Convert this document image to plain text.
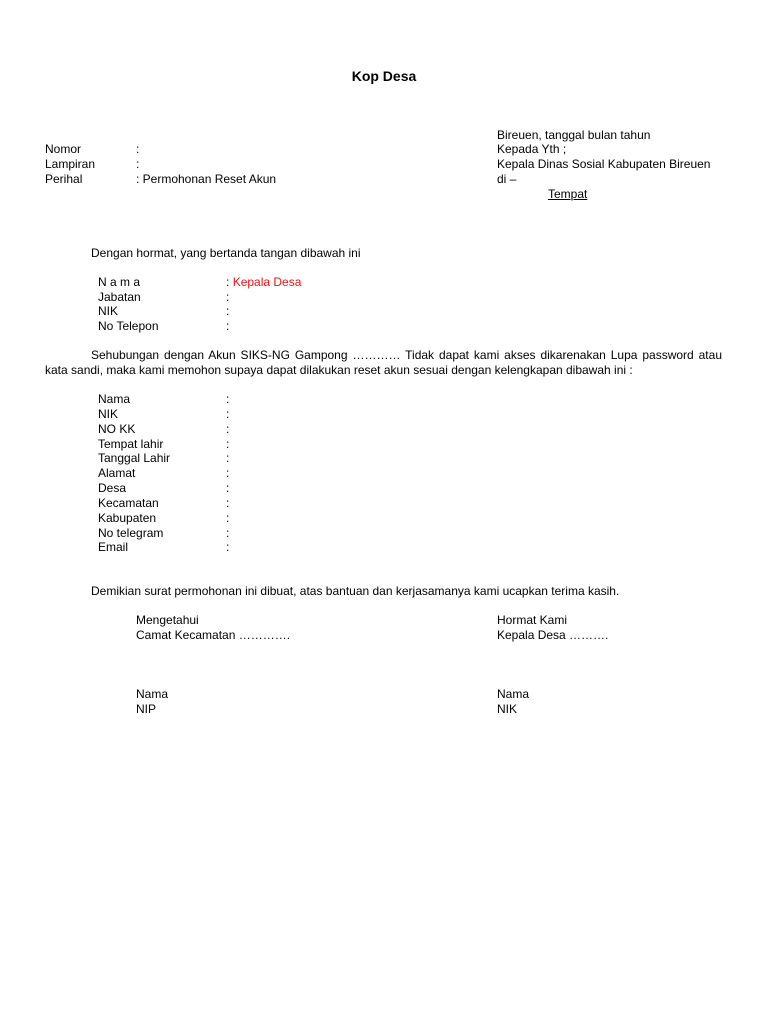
Kop Desa
Bireuen, tanggal bulan tahun
Kepada Yth ;
Kepala Dinas Sosial Kabupaten Bireuen
di –
Tempat
Nomor	:
Lampiran	:
Perihal	: Permohonan Reset Akun
Dengan hormat, yang bertanda tangan dibawah ini
N a m a	: Kepala Desa
Jabatan	:
NIK	:
No Telepon	:
Sehubungan dengan Akun SIKS-NG Gampong ………… Tidak dapat kami akses dikarenakan Lupa password atau kata sandi, maka kami memohon supaya dapat dilakukan reset akun sesuai dengan kelengkapan dibawah ini :
Nama	:
NIK	:
NO KK	:
Tempat lahir	:
Tanggal Lahir	:
Alamat	:
Desa	:
Kecamatan	:
Kabupaten	:
No telegram	:
Email	:
Demikian surat permohonan ini dibuat, atas bantuan dan kerjasamanya kami ucapkan terima kasih.
Mengetahui
Camat Kecamatan ………….
Nama
NIP
Hormat Kami
Kepala Desa ……….
Nama
NIK
